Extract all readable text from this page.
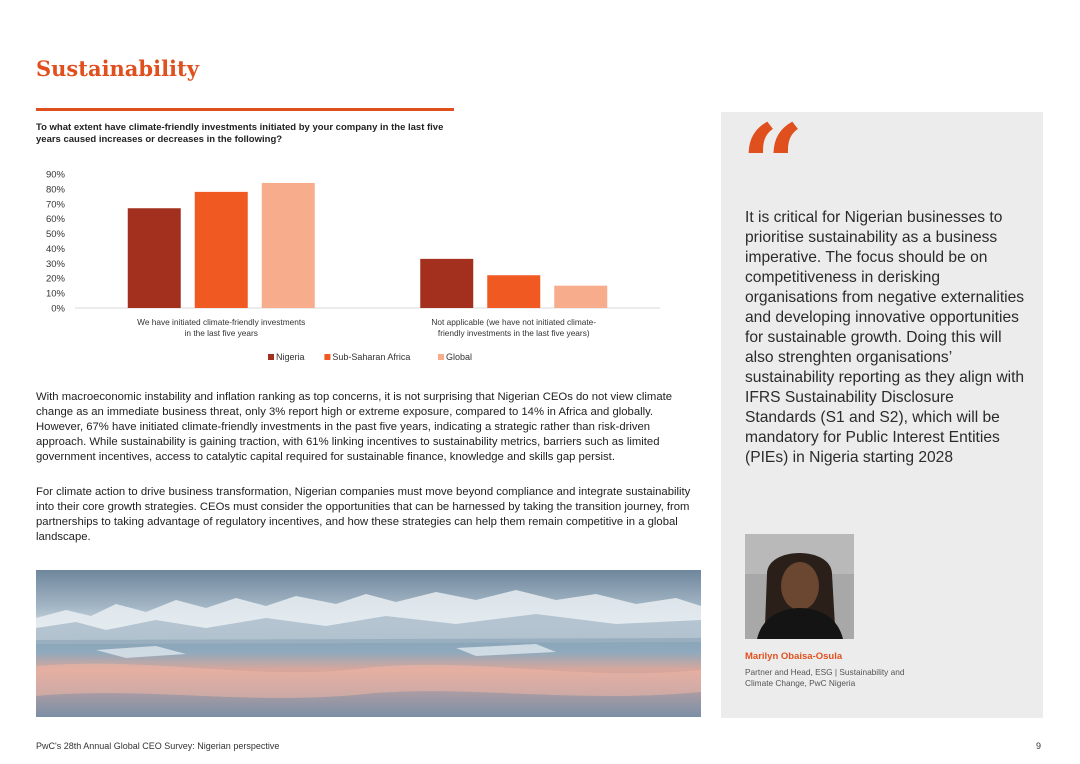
Sustainability

To what extent have climate-friendly investments initiated by your company in the last five years caused increases or decreases in the following?

0%
10%
20%
30%
40%
50%
60%
70%
80%
90%
We have initiated climate-friendly investments
in the last five years
Not applicable (we have not initiated climate-
friendly investments in the last five years)
Nigeria	Sub-Saharan Africa	Global

With macroeconomic instability and inflation ranking as top concerns, it is not surprising that Nigerian CEOs do not view climate change as an immediate business threat, only 3% report high or extreme exposure, compared to 14% in Africa and globally. However, 67% have initiated climate-friendly investments in the past five years, indicating a strategic rather than risk-driven approach. While sustainability is gaining traction, with 61% linking incentives to sustainability metrics, barriers such as limited government incentives, access to catalytic capital required for sustainable finance, knowledge and skills gap persist.

For climate action to drive business transformation, Nigerian companies must move beyond compliance and integrate sustainability into their core growth strategies. CEOs must consider the opportunities that can be harnessed by taking the transition journey, from partnerships to taking advantage of regulatory incentives, and how these strategies can help them remain competitive in a global landscape.

“

It is critical for Nigerian businesses to prioritise sustainability as a business imperative. The focus should be on competitiveness in derisking organisations from negative externalities and developing innovative opportunities for sustainable growth. Doing this will also strenghten organisations’ sustainability reporting as they align with IFRS Sustainability Disclosure Standards (S1 and S2), which will be mandatory for Public Interest Entities (PIEs) in Nigeria starting 2028

Marilyn Obaisa-Osula

Partner and Head, ESG | Sustainability and Climate Change, PwC Nigeria

PwC's 28th Annual Global CEO Survey: Nigerian perspective	9
